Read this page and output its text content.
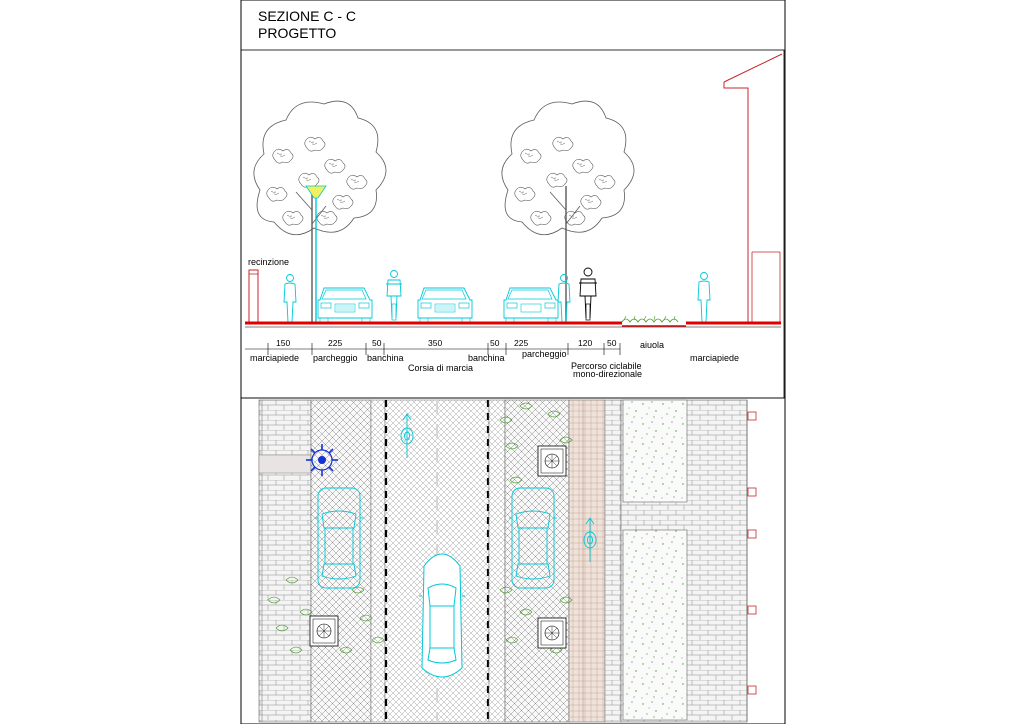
SEZIONE C - C
PROGETTO
150	225	50	350	50 225	120 50
recinzione
marciapiede parcheggio banchina
Corsia di marcia
banchina parcheggio
Percorso ciclabile
mono-direzionale
aiuola
marciapiede
